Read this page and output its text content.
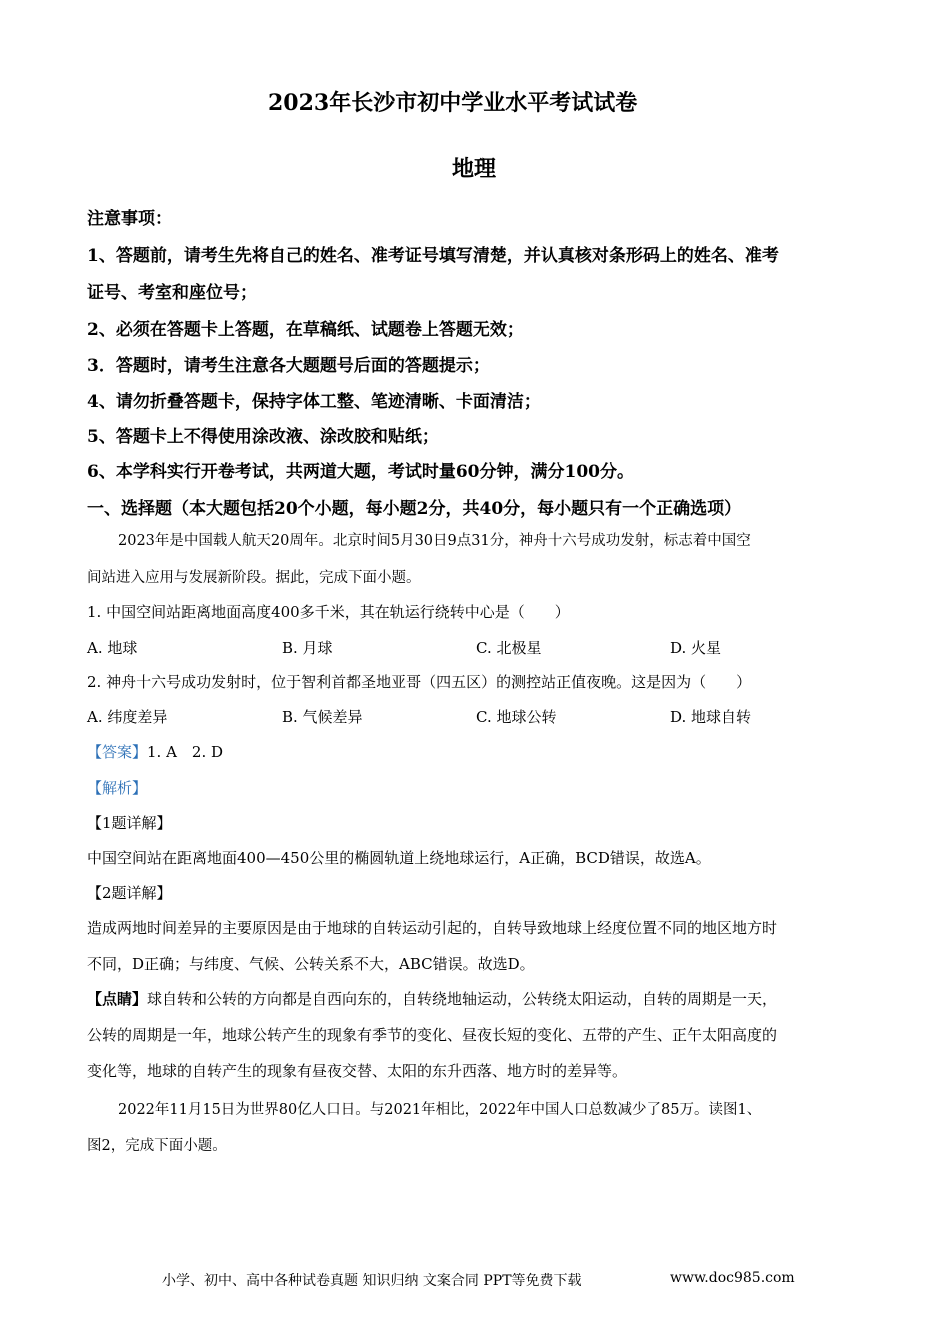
2023年长沙市初中学业水平考试试卷
地理
注意事项：
1、答题前，请考生先将自己的姓名、准考证号填写清楚，并认真核对条形码上的姓名、准考
证号、考室和座位号；
2、必须在答题卡上答题，在草稿纸、试题卷上答题无效；
3．答题时，请考生注意各大题题号后面的答题提示；
4、请勿折叠答题卡，保持字体工整、笔迹清晰、卡面清洁；
5、答题卡上不得使用涂改液、涂改胶和贴纸；
6、本学科实行开卷考试，共两道大题，考试时量60分钟，满分100分。
一、选择题（本大题包括20个小题，每小题2分，共40分，每小题只有一个正确选项）
2023年是中国载人航天20周年。北京时间5月30日9点31分，神舟十六号成功发射，标志着中国空
间站进入应用与发展新阶段。据此，完成下面小题。
1. 中国空间站距离地面高度400多千米，其在轨运行绕转中心是（　　）
A. 地球	B. 月球	C. 北极星	D. 火星
2. 神舟十六号成功发射时，位于智利首都圣地亚哥（四五区）的测控站正值夜晚。这是因为（　　）
A. 纬度差异	B. 气候差异	C. 地球公转	D. 地球自转
【答案】1. A　2. D
【解析】
【1题详解】
中国空间站在距离地面400—450公里的椭圆轨道上绕地球运行，A正确，BCD错误，故选A。
【2题详解】
造成两地时间差异的主要原因是由于地球的自转运动引起的，自转导致地球上经度位置不同的地区地方时
不同，D正确；与纬度、气候、公转关系不大，ABC错误。故选D。
【点睛】球自转和公转的方向都是自西向东的，自转绕地轴运动，公转绕太阳运动，自转的周期是一天，
公转的周期是一年，地球公转产生的现象有季节的变化、昼夜长短的变化、五带的产生、正午太阳高度的
变化等，地球的自转产生的现象有昼夜交替、太阳的东升西落、地方时的差异等。
2022年11月15日为世界80亿人口日。与2021年相比，2022年中国人口总数减少了85万。读图1、
图2，完成下面小题。
小学、初中、高中各种试卷真题 知识归纳 文案合同 PPT等免费下载	www.doc985.com
